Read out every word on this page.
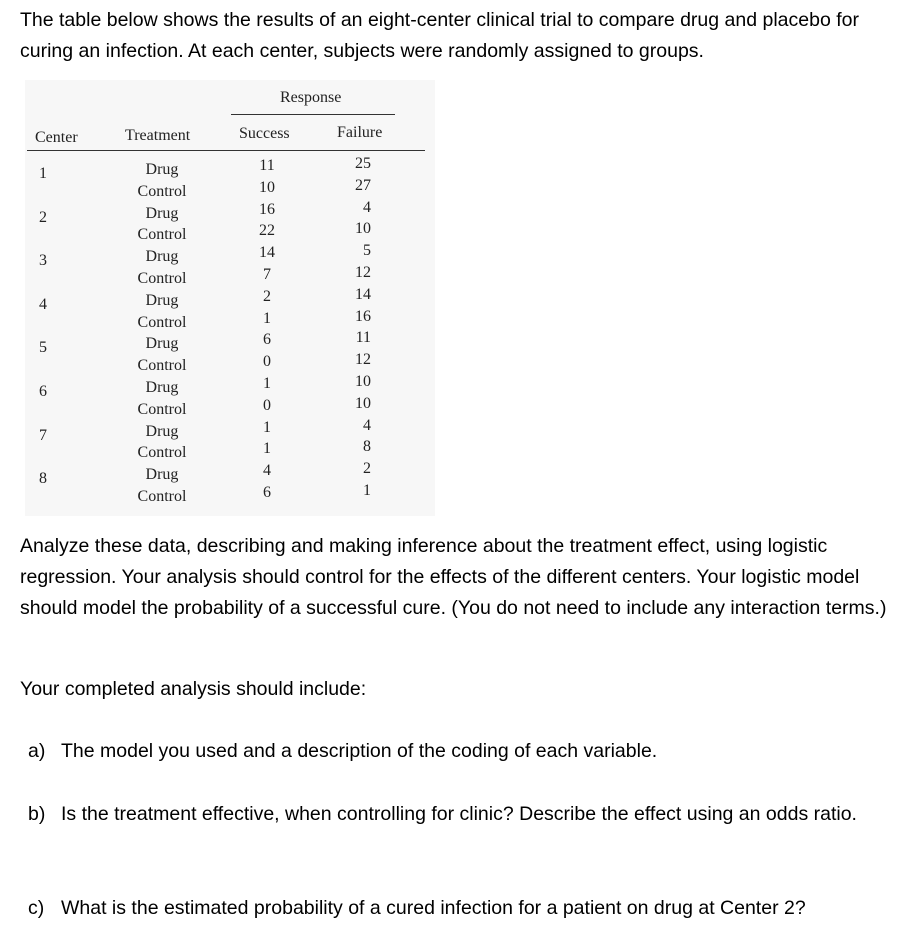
The table below shows the results of an eight-center clinical trial to compare drug and placebo for curing an infection. At each center, subjects were randomly assigned to groups.

Response
Center	Treatment	Success	Failure
1	Drug	11	25
Control	10	27
2	Drug	16	4
Control	22	10
3	Drug	14	5
Control	7	12
4	Drug	2	14
Control	1	16
5	Drug	6	11
Control	0	12
6	Drug	1	10
Control	0	10
7	Drug	1	4
Control	1	8
8	Drug	4	2
Control	6	1

Analyze these data, describing and making inference about the treatment effect, using logistic regression. Your analysis should control for the effects of the different centers. Your logistic model should model the probability of a successful cure. (You do not need to include any interaction terms.)

Your completed analysis should include:

a) The model you used and a description of the coding of each variable.
b) Is the treatment effective, when controlling for clinic? Describe the effect using an odds ratio.
c) What is the estimated probability of a cured infection for a patient on drug at Center 2?
